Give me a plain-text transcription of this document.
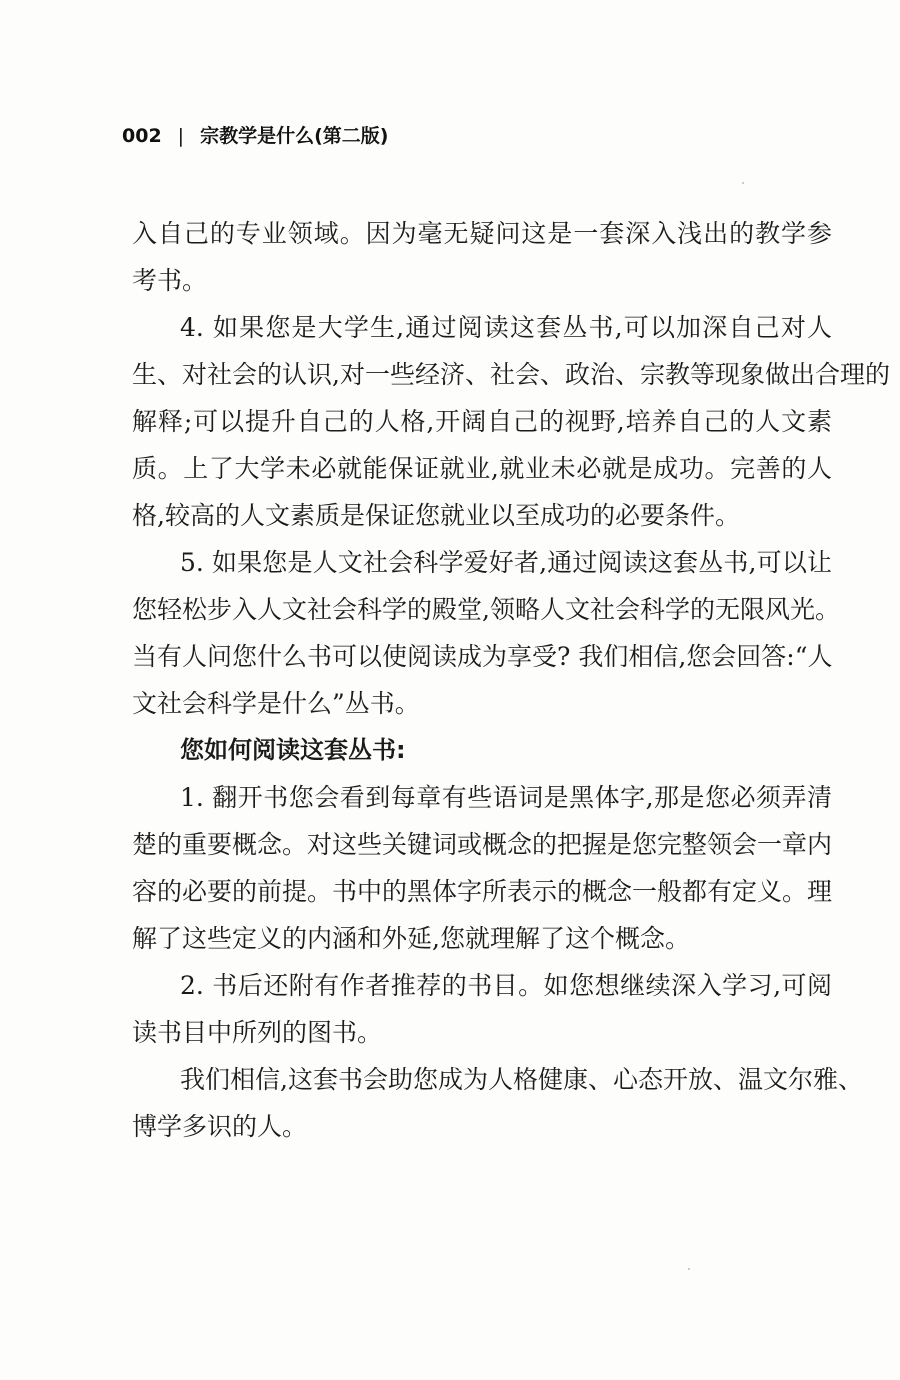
002 | 宗教学是什么(第二版)
入自己的专业领域。因为毫无疑问这是一套深入浅出的教学参
考书。
4. 如果您是大学生,通过阅读这套丛书,可以加深自己对人
生、对社会的认识,对一些经济、社会、政治、宗教等现象做出合理的
解释;可以提升自己的人格,开阔自己的视野,培养自己的人文素
质。上了大学未必就能保证就业,就业未必就是成功。完善的人
格,较高的人文素质是保证您就业以至成功的必要条件。
5. 如果您是人文社会科学爱好者,通过阅读这套丛书,可以让
您轻松步入人文社会科学的殿堂,领略人文社会科学的无限风光。
当有人问您什么书可以使阅读成为享受? 我们相信,您会回答:“人
文社会科学是什么”丛书。
您如何阅读这套丛书:
1. 翻开书您会看到每章有些语词是黑体字,那是您必须弄清
楚的重要概念。对这些关键词或概念的把握是您完整领会一章内
容的必要的前提。书中的黑体字所表示的概念一般都有定义。理
解了这些定义的内涵和外延,您就理解了这个概念。
2. 书后还附有作者推荐的书目。如您想继续深入学习,可阅
读书目中所列的图书。
我们相信,这套书会助您成为人格健康、心态开放、温文尔雅、
博学多识的人。
